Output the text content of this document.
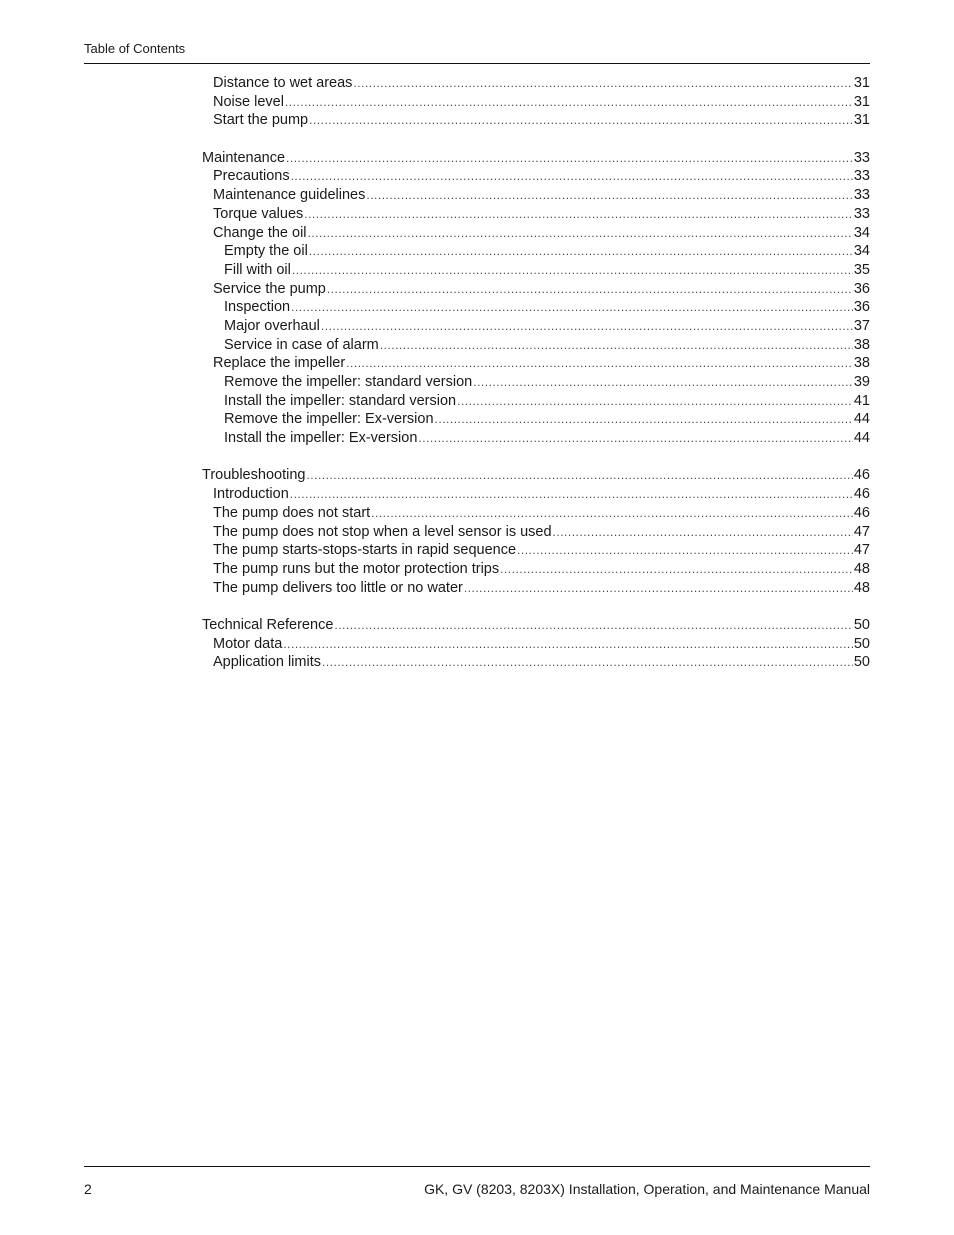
Table of Contents
Distance to wet areas .....	31
Noise level .....	31
Start the pump .....	31
Maintenance .....	33
Precautions .....	33
Maintenance guidelines .....	33
Torque values .....	33
Change the oil .....	34
Empty the oil .....	34
Fill with oil .....	35
Service the pump .....	36
Inspection .....	36
Major overhaul .....	37
Service in case of alarm .....	38
Replace the impeller .....	38
Remove the impeller: standard version .....	39
Install the impeller: standard version .....	41
Remove the impeller: Ex-version .....	44
Install the impeller: Ex-version .....	44
Troubleshooting .....	46
Introduction .....	46
The pump does not start .....	46
The pump does not stop when a level sensor is used .....	47
The pump starts-stops-starts in rapid sequence .....	47
The pump runs but the motor protection trips .....	48
The pump delivers too little or no water .....	48
Technical Reference .....	50
Motor data .....	50
Application limits .....	50
2	GK, GV (8203, 8203X) Installation, Operation, and Maintenance Manual
